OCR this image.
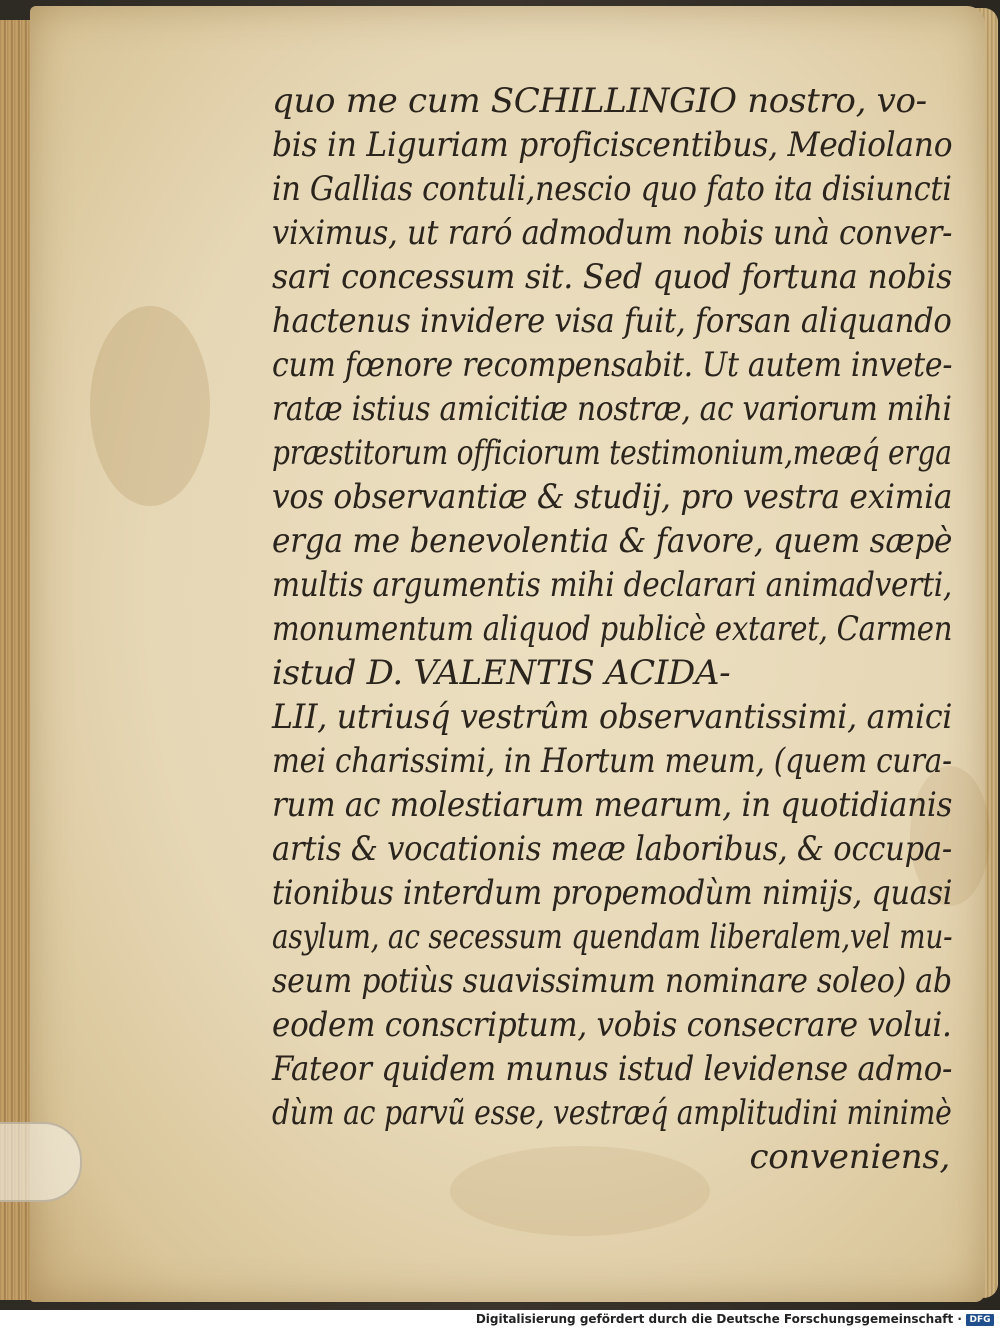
quo me cum SCHILLINGIO nostro, vo-
bis in Liguriam proficiscentibus, Mediolano
in Gallias contuli,nescio quo fato ita disiuncti
viximus, ut raró admodum nobis unà conver-
sari concessum sit. Sed quod fortuna nobis
hactenus invidere visa fuit, forsan aliquando
cum fœnore recompensabit. Ut autem invete-
ratæ istius amicitiæ nostræ, ac variorum mihi
præstitorum officiorum testimonium,meæq́ erga
vos observantiæ & studij, pro vestra eximia
erga me benevolentia & favore, quem sæpè
multis argumentis mihi declarari animadverti,
monumentum aliquod publicè extaret, Carmen
istud D. VALENTIS ACIDA-
LII, utriusq́ vestrûm observantissimi, amici
mei charissimi, in Hortum meum, (quem cura-
rum ac molestiarum mearum, in quotidianis
artis & vocationis meæ laboribus, & occupa-
tionibus interdum propemodùm nimijs, quasi
asylum, ac secessum quendam liberalem,vel mu-
seum potiùs suavissimum nominare soleo) ab
eodem conscriptum, vobis consecrare volui.
Fateor quidem munus istud levidense admo-
dùm ac parvũ esse, vestræq́ amplitudini minimè
conveniens,
Digitalisierung gefördert durch die Deutsche Forschungsgemeinschaft · DFG
